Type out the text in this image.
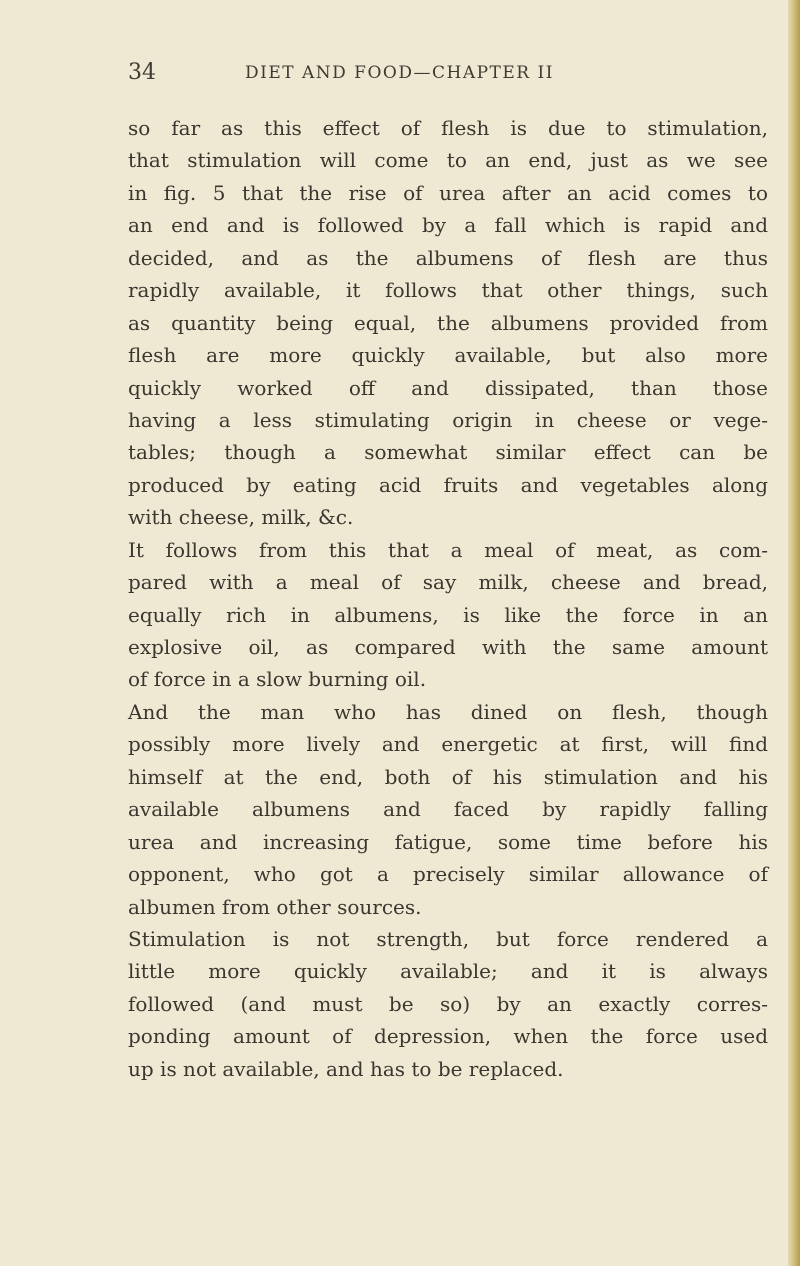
34	DIET AND FOOD—CHAPTER II
so far as this effect of flesh is due to stimulation,
that stimulation will come to an end, just as we see
in fig. 5 that the rise of urea after an acid comes to
an end and is followed by a fall which is rapid and
decided, and as the albumens of flesh are thus
rapidly available, it follows that other things, such
as quantity being equal, the albumens provided from
flesh are more quickly available, but also more
quickly worked off and dissipated, than those
having a less stimulating origin in cheese or vege-
tables; though a somewhat similar effect can be
produced by eating acid fruits and vegetables along
with cheese, milk, &c.
It follows from this that a meal of meat, as com-
pared with a meal of say milk, cheese and bread,
equally rich in albumens, is like the force in an
explosive oil, as compared with the same amount
of force in a slow burning oil.
And the man who has dined on flesh, though
possibly more lively and energetic at first, will find
himself at the end, both of his stimulation and his
available albumens and faced by rapidly falling
urea and increasing fatigue, some time before his
opponent, who got a precisely similar allowance of
albumen from other sources.
Stimulation is not strength, but force rendered a
little more quickly available; and it is always
followed (and must be so) by an exactly corres-
ponding amount of depression, when the force used
up is not available, and has to be replaced.
